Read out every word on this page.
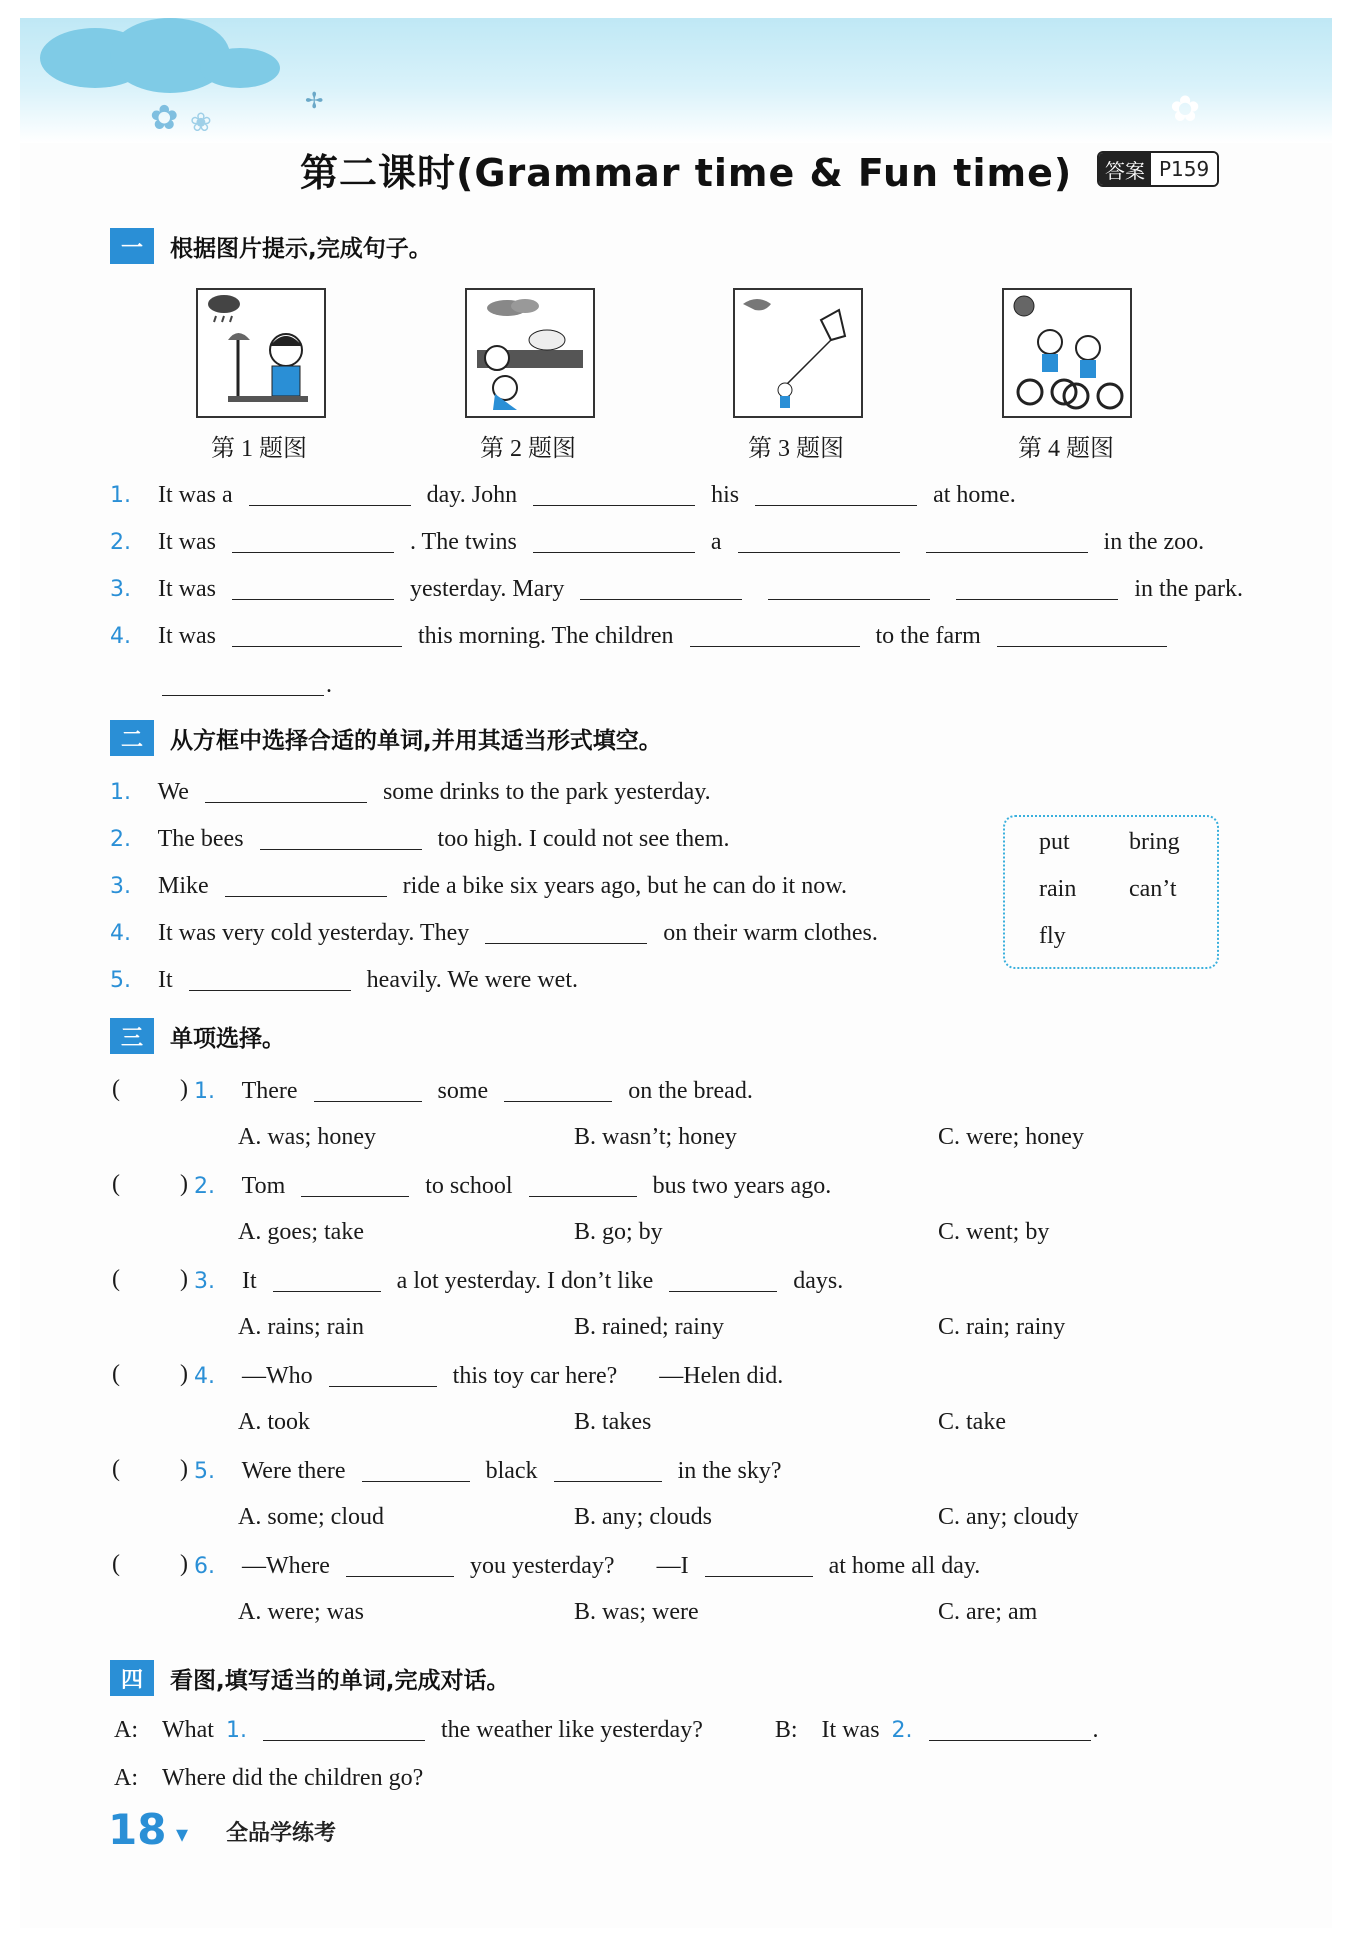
✿ ❀
✢	✿
第二课时(Grammar time & Fun time)	答案 P159
一	根据图片提示,完成句子。
第 1 题图	第 2 题图	第 3 题图	第 4 题图
1. It was a	day. John	his	at home.
2. It was	. The twins	a	in the zoo.
3. It was	yesterday. Mary	in the park.
4. It was	this morning. The children	to the farm
.
二	从方框中选择合适的单词,并用其适当形式填空。
1. We	some drinks to the park yesterday.
2. The bees	too high. I could not see them.
3. Mike	ride a bike six years ago, but he can do it now.
4. It was very cold yesterday. They	on their warm clothes.
5. It	heavily. We were wet.
put bring
rain can’t
fly
三	单项选择。
(	) 1. There	some	on the bread.
A. was; honey	B. wasn’t; honey	C. were; honey
(	) 2. Tom	to school	bus two years ago.
A. goes; take	B. go; by	C. went; by
(	) 3. It	a lot yesterday. I don’t like	days.
A. rains; rain	B. rained; rainy	C. rain; rainy
(	) 4. —Who	this toy car here? —Helen did.
A. took	B. takes	C. take
(	) 5. Were there	black	in the sky?
A. some; cloud	B. any; clouds	C. any; cloudy
(	) 6. —Where	you yesterday? —I	at home all day.
A. were; was	B. was; were	C. are; am
四	看图,填写适当的单词,完成对话。
A: What 1.	the weather like yesterday?	B: It was 2.	.
A: Where did the children go?
18 ▾ 全品学练考
